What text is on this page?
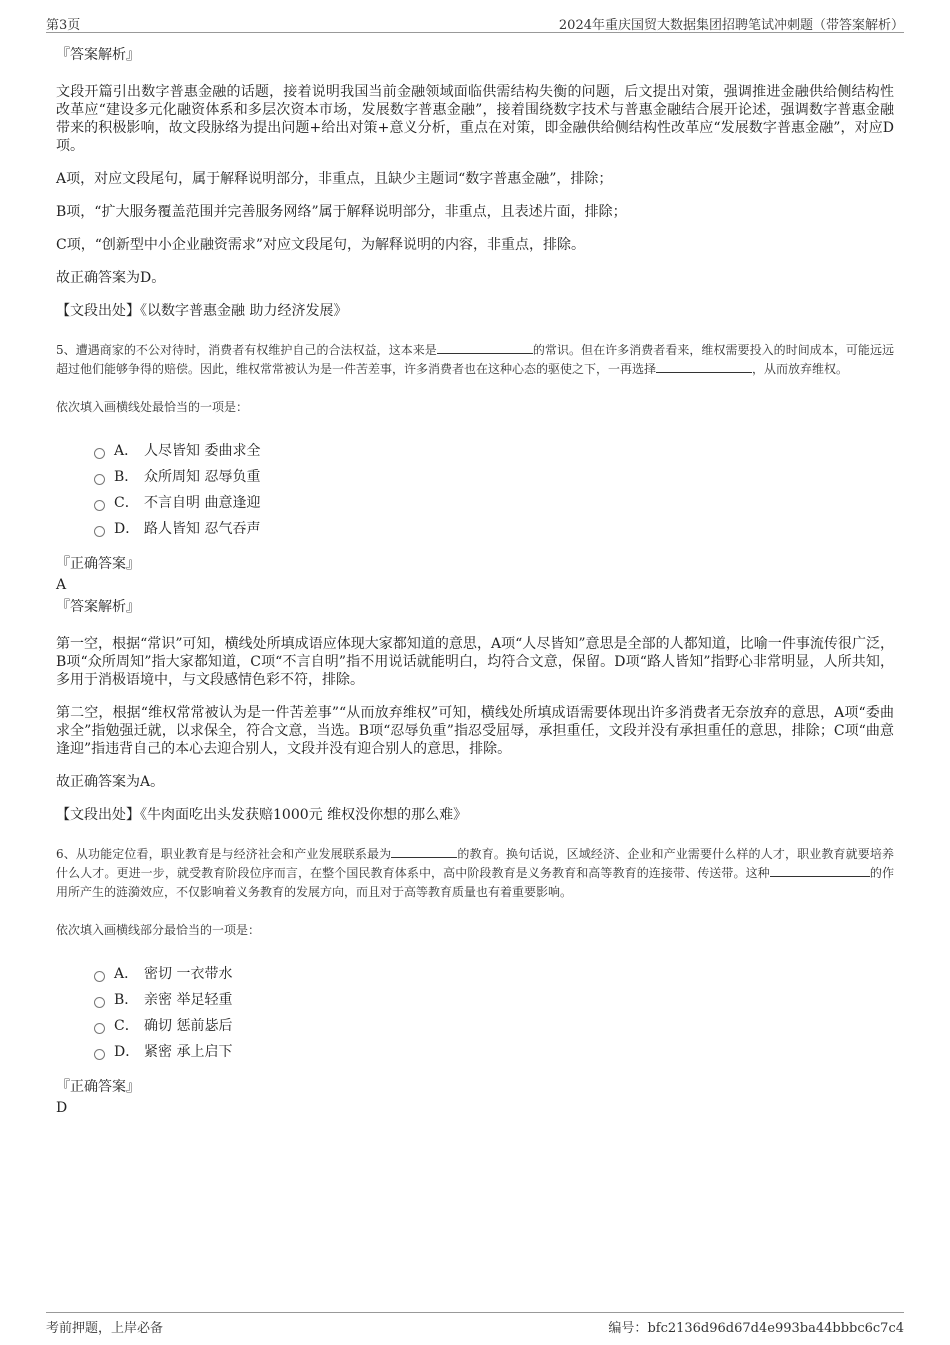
第3页	2024年重庆国贸大数据集团招聘笔试冲刺题（带答案解析）
『答案解析』

文段开篇引出数字普惠金融的话题，接着说明我国当前金融领域面临供需结构失衡的问题，后文提出对策，强调推进金融供给侧结构性改革应“建设多元化融资体系和多层次资本市场，发展数字普惠金融”，接着围绕数字技术与普惠金融结合展开论述，强调数字普惠金融带来的积极影响，故文段脉络为提出问题+给出对策+意义分析，重点在对策，即金融供给侧结构性改革应“发展数字普惠金融”，对应D项。

A项，对应文段尾句，属于解释说明部分，非重点，且缺少主题词“数字普惠金融”，排除；

B项，“扩大服务覆盖范围并完善服务网络”属于解释说明部分，非重点，且表述片面，排除；

C项，“创新型中小企业融资需求”对应文段尾句，为解释说明的内容，非重点，排除。

故正确答案为D。

【文段出处】《以数字普惠金融 助力经济发展》

5、遭遇商家的不公对待时，消费者有权维护自己的合法权益，这本来是	的常识。但在许多消费者看来，维权需要投入的时间成本，可能远远超过他们能够争得的赔偿。因此，维权常常被认为是一件苦差事，许多消费者也在这种心态的驱使之下，一再选择	，从而放弃维权。

依次填入画横线处最恰当的一项是：

A． 人尽皆知 委曲求全
B． 众所周知 忍辱负重
C． 不言自明 曲意逢迎
D． 路人皆知 忍气吞声
『正确答案』
A
『答案解析』

第一空，根据“常识”可知，横线处所填成语应体现大家都知道的意思，A项“人尽皆知”意思是全部的人都知道，比喻一件事流传很广泛，B项“众所周知”指大家都知道，C项“不言自明”指不用说话就能明白，均符合文意，保留。D项“路人皆知”指野心非常明显，人所共知，多用于消极语境中，与文段感情色彩不符，排除。

第二空，根据“维权常常被认为是一件苦差事”“从而放弃维权”可知，横线处所填成语需要体现出许多消费者无奈放弃的意思，A项“委曲求全”指勉强迁就，以求保全，符合文意，当选。B项“忍辱负重”指忍受屈辱，承担重任，文段并没有承担重任的意思，排除；C项“曲意逢迎”指违背自己的本心去迎合别人，文段并没有迎合别人的意思，排除。

故正确答案为A。

【文段出处】《牛肉面吃出头发获赔1000元 维权没你想的那么难》

6、从功能定位看，职业教育是与经济社会和产业发展联系最为	的教育。换句话说，区域经济、企业和产业需要什么样的人才，职业教育就要培养什么人才。更进一步，就受教育阶段位序而言，在整个国民教育体系中，高中阶段教育是义务教育和高等教育的连接带、传送带。这种	的作用所产生的涟漪效应，不仅影响着义务教育的发展方向，而且对于高等教育质量也有着重要影响。

依次填入画横线部分最恰当的一项是：

A． 密切 一衣带水
B． 亲密 举足轻重
C． 确切 惩前毖后
D． 紧密 承上启下
『正确答案』
D
考前押题，上岸必备	编号：bfc2136d96d67d4e993ba44bbbc6c7c4
